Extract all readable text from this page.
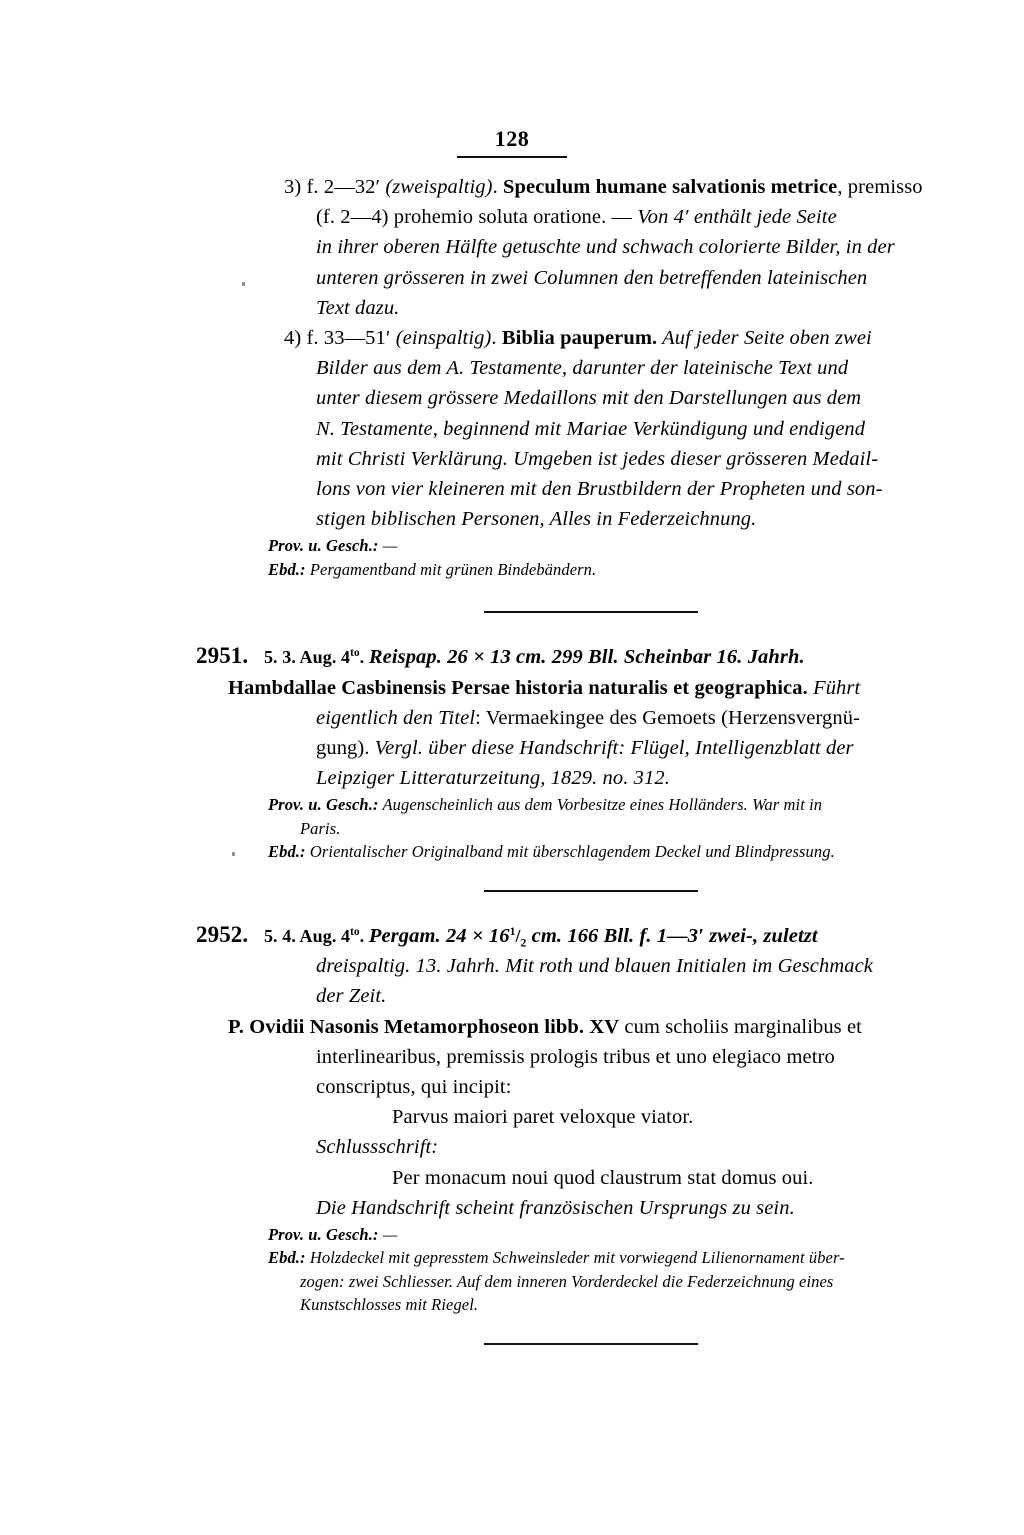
128
3) f. 2—32′ (zweispaltig). Speculum humane salvationis metrice, premisso
(f. 2—4) prohemio soluta oratione. — Von 4′ enthält jede Seite
in ihrer oberen Hälfte getuschte und schwach colorierte Bilder, in der
unteren grösseren in zwei Columnen den betreffenden lateinischen
Text dazu.
4) f. 33—51′ (einspaltig). Biblia pauperum. Auf jeder Seite oben zwei
Bilder aus dem A. Testamente, darunter der lateinische Text und
unter diesem grössere Medaillons mit den Darstellungen aus dem
N. Testamente, beginnend mit Mariae Verkündigung und endigend
mit Christi Verklärung. Umgeben ist jedes dieser grösseren Medail-
lons von vier kleineren mit den Brustbildern der Propheten und son-
stigen biblischen Personen, Alles in Federzeichnung.
Prov. u. Gesch.: —
Ebd.: Pergamentband mit grünen Bindebändern.
2951. 5. 3. Aug. $4^{to}$. Reispap. 26 × 13 cm. 299 Bll. Scheinbar 16. Jahrh.
Hambdallae Casbinensis Persae historia naturalis et geographica. Führt
eigentlich den Titel: Vermaekingee des Gemoets (Herzensvergnü-
gung). Vergl. über diese Handschrift: Flügel, Intelligenzblatt der
Leipziger Litteraturzeitung, 1829. no. 312.
Prov. u. Gesch.: Augenscheinlich aus dem Vorbesitze eines Holländers. War mit in
Paris.
Ebd.: Orientalischer Originalband mit überschlagendem Deckel und Blindpressung.
2952. 5. 4. Aug. $4^{to}$. Pergam. $24 \times 16^1/_2$ cm. 166 Bll. f. 1—3′ zwei-, zuletzt
dreispaltig. 13. Jahrh. Mit roth und blauen Initialen im Geschmack
der Zeit.
P. Ovidii Nasonis Metamorphoseon libb. XV cum scholiis marginalibus et
interlinearibus, premissis prologis tribus et uno elegiaco metro
conscriptus, qui incipit:
Parvus maiori paret veloxque viator.
Schlussschrift:
Per monacum noui quod claustrum stat domus oui.
Die Handschrift scheint französischen Ursprungs zu sein.
Prov. u. Gesch.: —
Ebd.: Holzdeckel mit gepresstem Schweinsleder mit vorwiegend Lilienornament über-
zogen: zwei Schliesser. Auf dem inneren Vorderdeckel die Federzeichnung eines
Kunstschlosses mit Riegel.
